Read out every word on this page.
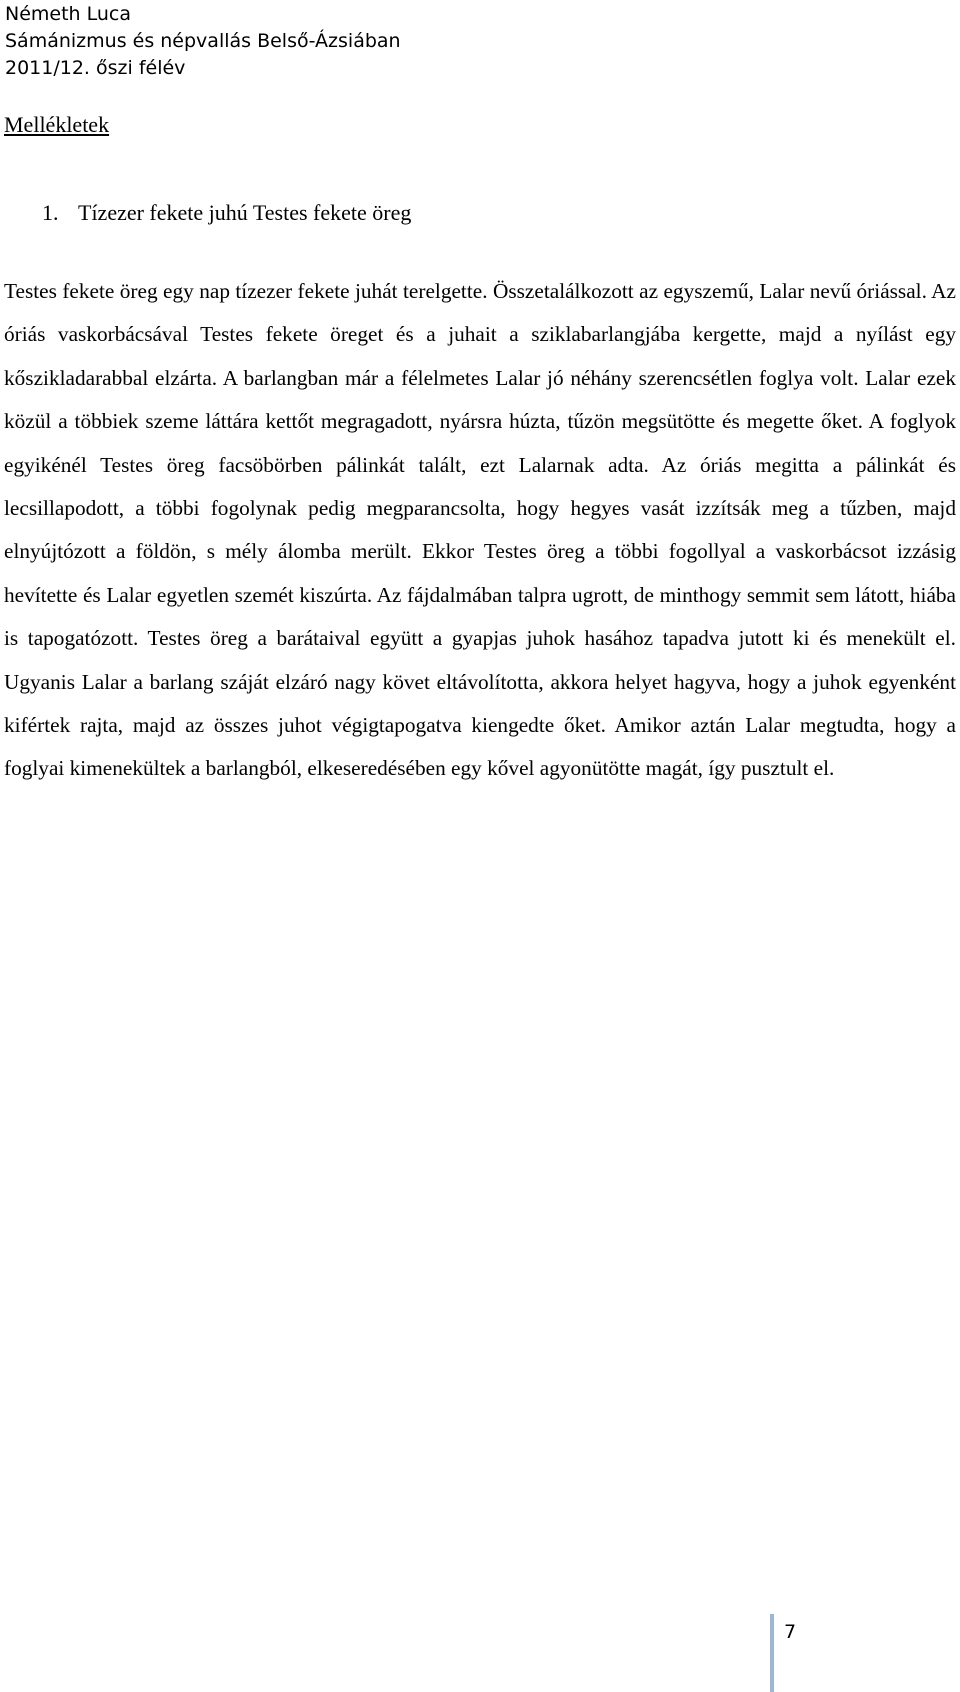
Németh Luca
Sámánizmus és népvallás Belső-Ázsiában
2011/12. őszi félév
Mellékletek
1. Tízezer fekete juhú Testes fekete öreg

Testes fekete öreg egy nap tízezer fekete juhát terelgette. Összetalálkozott az egyszemű, Lalar nevű óriással. Az óriás vaskorbácsával Testes fekete öreget és a juhait a sziklabarlangjába kergette, majd a nyílást egy kőszikladarabbal elzárta. A barlangban már a félelmetes Lalar jó néhány szerencsétlen foglya volt. Lalar ezek közül a többiek szeme láttára kettőt megragadott, nyársra húzta, tűzön megsütötte és megette őket. A foglyok egyikénél Testes öreg facsöbörben pálinkát talált, ezt Lalarnak adta. Az óriás megitta a pálinkát és lecsillapodott, a többi fogolynak pedig megparancsolta, hogy hegyes vasát izzítsák meg a tűzben, majd elnyújtózott a földön, s mély álomba merült. Ekkor Testes öreg a többi fogollyal a vaskorbácsot izzásig hevítette és Lalar egyetlen szemét kiszúrta. Az fájdalmában talpra ugrott, de minthogy semmit sem látott, hiába is tapogatózott. Testes öreg a barátaival együtt a gyapjas juhok hasához tapadva jutott ki és menekült el. Ugyanis Lalar a barlang száját elzáró nagy követ eltávolította, akkora helyet hagyva, hogy a juhok egyenként kifértek rajta, majd az összes juhot végigtapogatva kiengedte őket. Amikor aztán Lalar megtudta, hogy a foglyai kimenekültek a barlangból, elkeseredésében egy kővel agyonütötte magát, így pusztult el.

7
